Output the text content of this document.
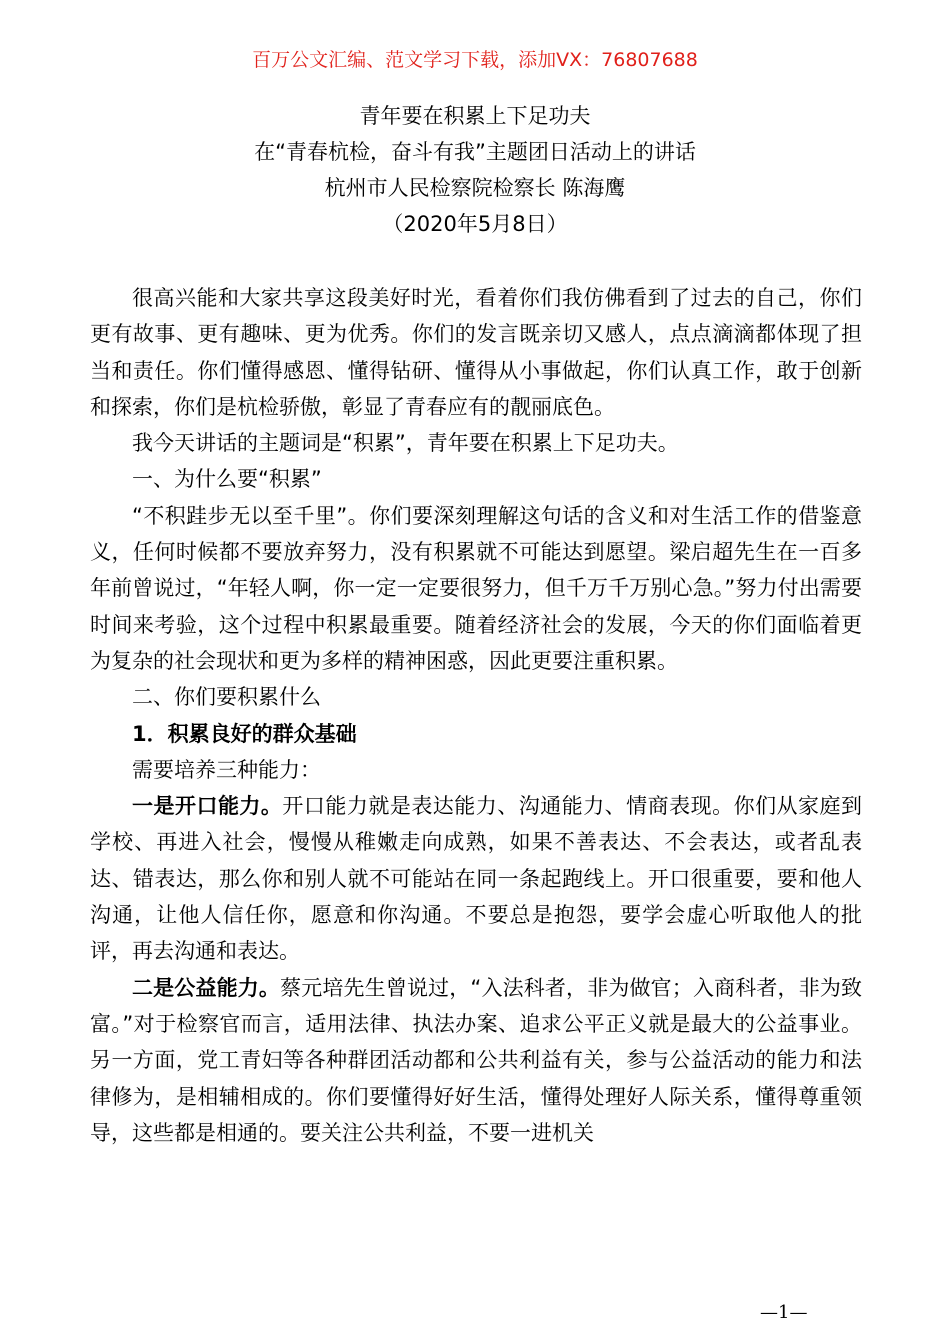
百万公文汇编、范文学习下载，添加VX：76807688
青年要在积累上下足功夫
在“青春杭检，奋斗有我”主题团日活动上的讲话
杭州市人民检察院检察长 陈海鹰
（2020年5月8日）

很高兴能和大家共享这段美好时光，看着你们我仿佛看到了过去的自己，你们更有故事、更有趣味、更为优秀。你们的发言既亲切又感人，点点滴滴都体现了担当和责任。你们懂得感恩、懂得钻研、懂得从小事做起，你们认真工作，敢于创新和探索，你们是杭检骄傲，彰显了青春应有的靓丽底色。

我今天讲话的主题词是“积累”，青年要在积累上下足功夫。

一、为什么要“积累”

“不积跬步无以至千里”。你们要深刻理解这句话的含义和对生活工作的借鉴意义，任何时候都不要放弃努力，没有积累就不可能达到愿望。梁启超先生在一百多年前曾说过，“年轻人啊，你一定一定要很努力，但千万千万别心急。”努力付出需要时间来考验，这个过程中积累最重要。随着经济社会的发展，今天的你们面临着更为复杂的社会现状和更为多样的精神困惑，因此更要注重积累。

二、你们要积累什么

1．积累良好的群众基础

需要培养三种能力：

一是开口能力。开口能力就是表达能力、沟通能力、情商表现。你们从家庭到学校、再进入社会，慢慢从稚嫩走向成熟，如果不善表达、不会表达，或者乱表达、错表达，那么你和别人就不可能站在同一条起跑线上。开口很重要，要和他人沟通，让他人信任你，愿意和你沟通。不要总是抱怨，要学会虚心听取他人的批评，再去沟通和表达。

二是公益能力。蔡元培先生曾说过，“入法科者，非为做官；入商科者，非为致富。”对于检察官而言，适用法律、执法办案、追求公平正义就是最大的公益事业。另一方面，党工青妇等各种群团活动都和公共利益有关，参与公益活动的能力和法律修为，是相辅相成的。你们要懂得好好生活，懂得处理好人际关系，懂得尊重领导，这些都是相通的。要关注公共利益，不要一进机关

—1—
